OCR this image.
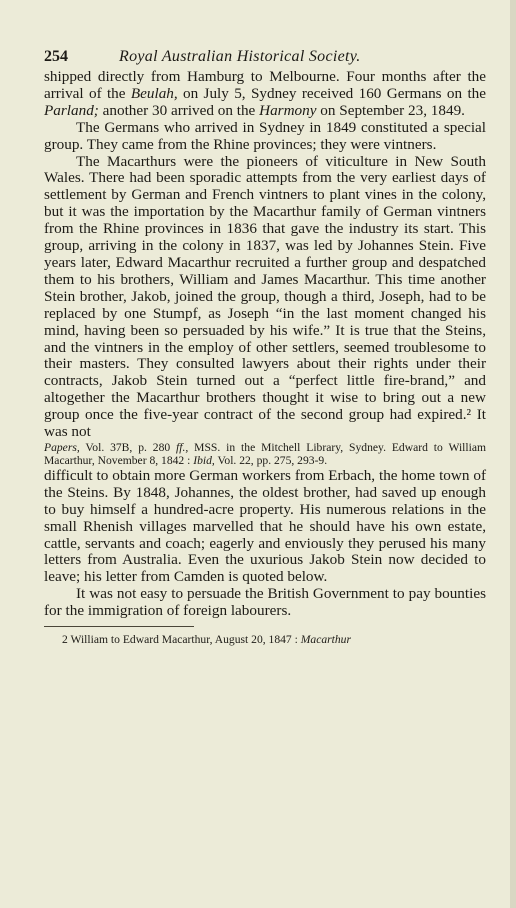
254	Royal Australian Historical Society.

shipped directly from Hamburg to Melbourne. Four months after the arrival of the Beulah, on July 5, Sydney received 160 Germans on the Parland; another 30 arrived on the Harmony on September 23, 1849.

The Germans who arrived in Sydney in 1849 constituted a special group. They came from the Rhine provinces; they were vintners.

The Macarthurs were the pioneers of viticulture in New South Wales. There had been sporadic attempts from the very earliest days of settlement by German and French vintners to plant vines in the colony, but it was the importation by the Macarthur family of German vintners from the Rhine provinces in 1836 that gave the industry its start. This group, arriving in the colony in 1837, was led by Johannes Stein. Five years later, Edward Macarthur recruited a further group and despatched them to his brothers, William and James Macarthur. This time another Stein brother, Jakob, joined the group, though a third, Joseph, had to be replaced by one Stumpf, as Joseph “in the last moment changed his mind, having been so persuaded by his wife.” It is true that the Steins, and the vintners in the employ of other settlers, seemed troublesome to their masters. They consulted lawyers about their rights under their contracts, Jakob Stein turned out a “perfect little fire-brand,” and altogether the Macarthur brothers thought it wise to bring out a new group once the five-year contract of the second group had expired.² It was not

Papers, Vol. 37B, p. 280 ff., MSS. in the Mitchell Library, Sydney. Edward to William Macarthur, November 8, 1842 : Ibid, Vol. 22, pp. 275, 293-9.

difficult to obtain more German workers from Erbach, the home town of the Steins. By 1848, Johannes, the oldest brother, had saved up enough to buy himself a hundred-acre property. His numerous relations in the small Rhenish villages marvelled that he should have his own estate, cattle, servants and coach; eagerly and enviously they perused his many letters from Australia. Even the uxurious Jakob Stein now decided to leave; his letter from Camden is quoted below.

It was not easy to persuade the British Government to pay bounties for the immigration of foreign labourers.

2 William to Edward Macarthur, August 20, 1847 : Macarthur
